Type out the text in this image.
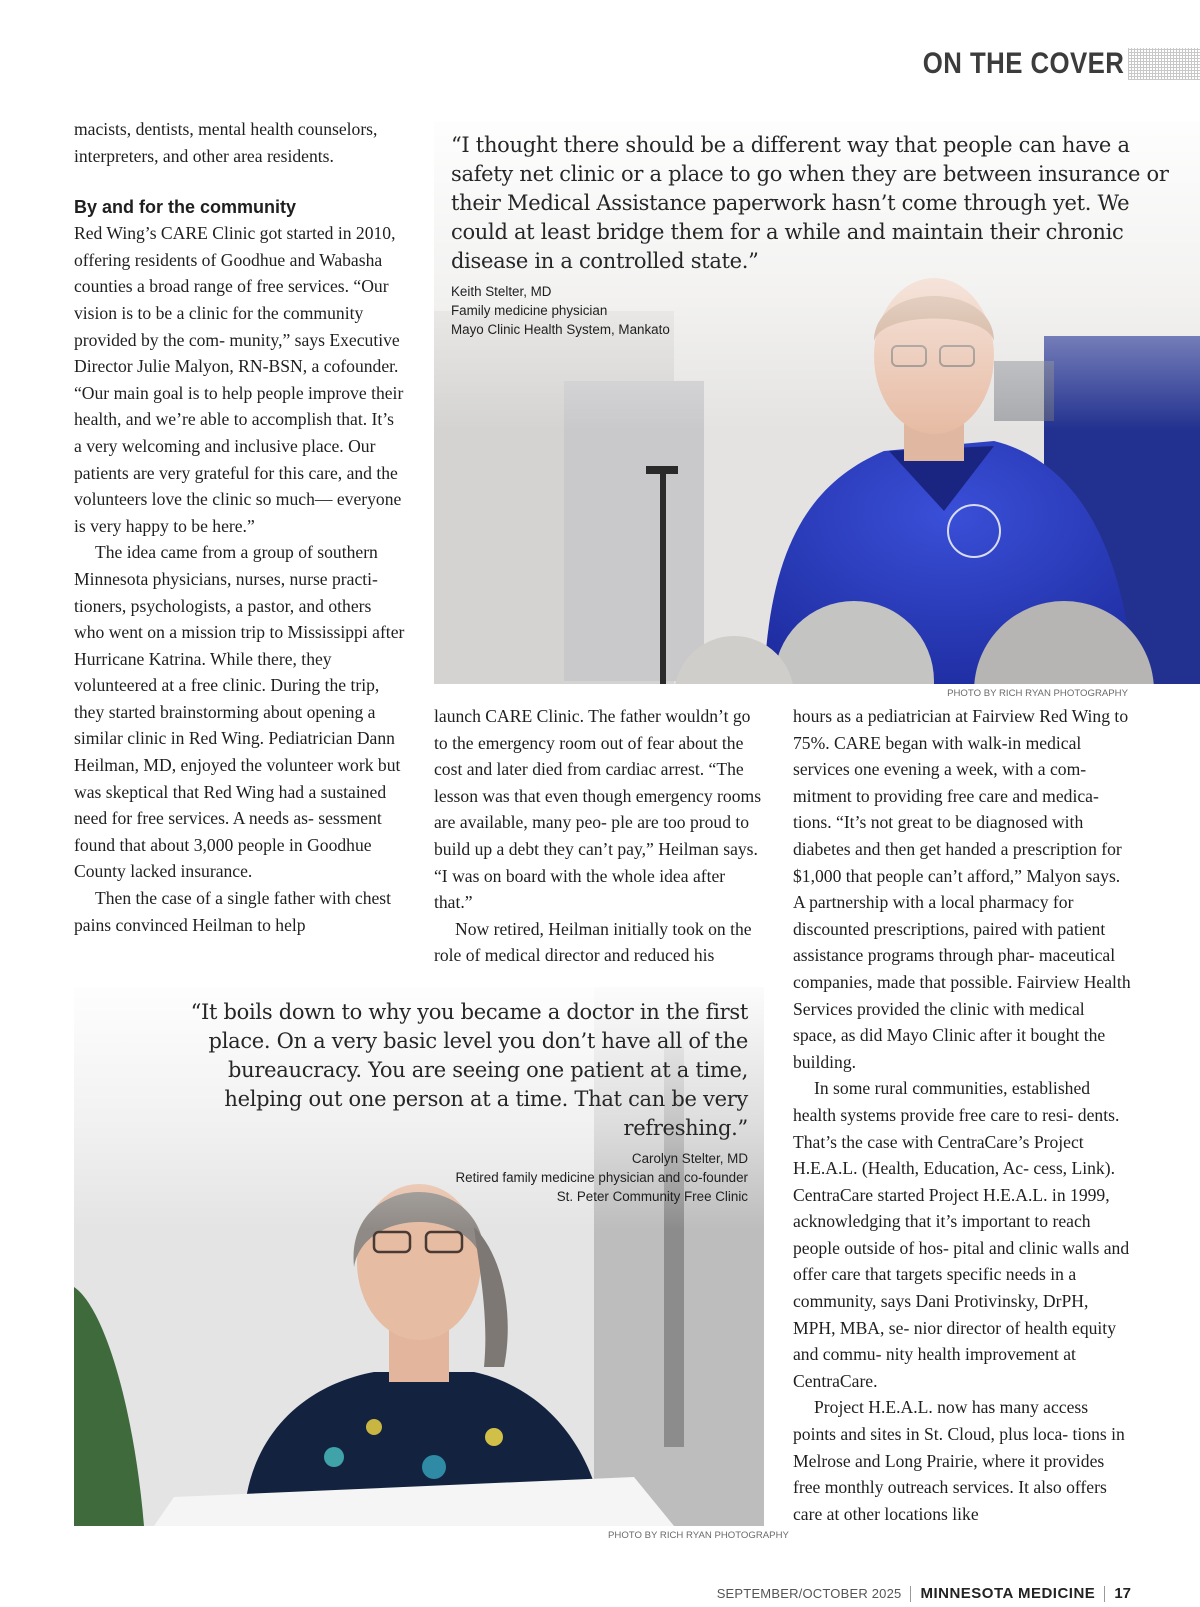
ON THE COVER

macists, dentists, mental health counselors, interpreters, and other area residents.

By and for the community

Red Wing’s CARE Clinic got started in 2010, offering residents of Goodhue and Wabasha counties a broad range of free services. “Our vision is to be a clinic for the community provided by the com- munity,” says Executive Director Julie Malyon, RN-BSN, a cofounder. “Our main goal is to help people improve their health, and we’re able to accomplish that. It’s a very welcoming and inclusive place. Our patients are very grateful for this care, and the volunteers love the clinic so much— everyone is very happy to be here.”

The idea came from a group of southern Minnesota physicians, nurses, nurse practi- tioners, psychologists, a pastor, and others who went on a mission trip to Mississippi after Hurricane Katrina. While there, they volunteered at a free clinic. During the trip, they started brainstorming about opening a similar clinic in Red Wing. Pediatrician Dann Heilman, MD, enjoyed the volunteer work but was skeptical that Red Wing had a sustained need for free services. A needs as- sessment found that about 3,000 people in Goodhue County lacked insurance.

Then the case of a single father with chest pains convinced Heilman to help

“I thought there should be a different way that people can have a safety net clinic or a place to go when they are between insurance or their Medical Assistance paperwork hasn’t come through yet. We could at least bridge them for a while and maintain their chronic disease in a controlled state.”
Keith Stelter, MD
Family medicine physician
Mayo Clinic Health System, Mankato
PHOTO BY RICH RYAN PHOTOGRAPHY

launch CARE Clinic. The father wouldn’t go to the emergency room out of fear about the cost and later died from cardiac arrest. “The lesson was that even though emergency rooms are available, many peo- ple are too proud to build up a debt they can’t pay,” Heilman says. “I was on board with the whole idea after that.”

Now retired, Heilman initially took on the role of medical director and reduced his

hours as a pediatrician at Fairview Red Wing to 75%. CARE began with walk-in medical services one evening a week, with a com- mitment to providing free care and medica- tions. “It’s not great to be diagnosed with diabetes and then get handed a prescription for $1,000 that people can’t afford,” Malyon says. A partnership with a local pharmacy for discounted prescriptions, paired with patient assistance programs through phar- maceutical companies, made that possible. Fairview Health Services provided the clinic with medical space, as did Mayo Clinic after it bought the building.

In some rural communities, established health systems provide free care to resi- dents. That’s the case with CentraCare’s Project H.E.A.L. (Health, Education, Ac- cess, Link). CentraCare started Project H.E.A.L. in 1999, acknowledging that it’s important to reach people outside of hos- pital and clinic walls and offer care that targets specific needs in a community, says Dani Protivinsky, DrPH, MPH, MBA, se- nior director of health equity and commu- nity health improvement at CentraCare.

Project H.E.A.L. now has many access points and sites in St. Cloud, plus loca- tions in Melrose and Long Prairie, where it provides free monthly outreach services. It also offers care at other locations like

“It boils down to why you became a doctor in the first place. On a very basic level you don’t have all of the bureaucracy. You are seeing one patient at a time, helping out one person at a time. That can be very refreshing.”
Carolyn Stelter, MD
Retired family medicine physician and co-founder
St. Peter Community Free Clinic
PHOTO BY RICH RYAN PHOTOGRAPHY
SEPTEMBER/OCTOBER 2025 MINNESOTA MEDICINE 17
